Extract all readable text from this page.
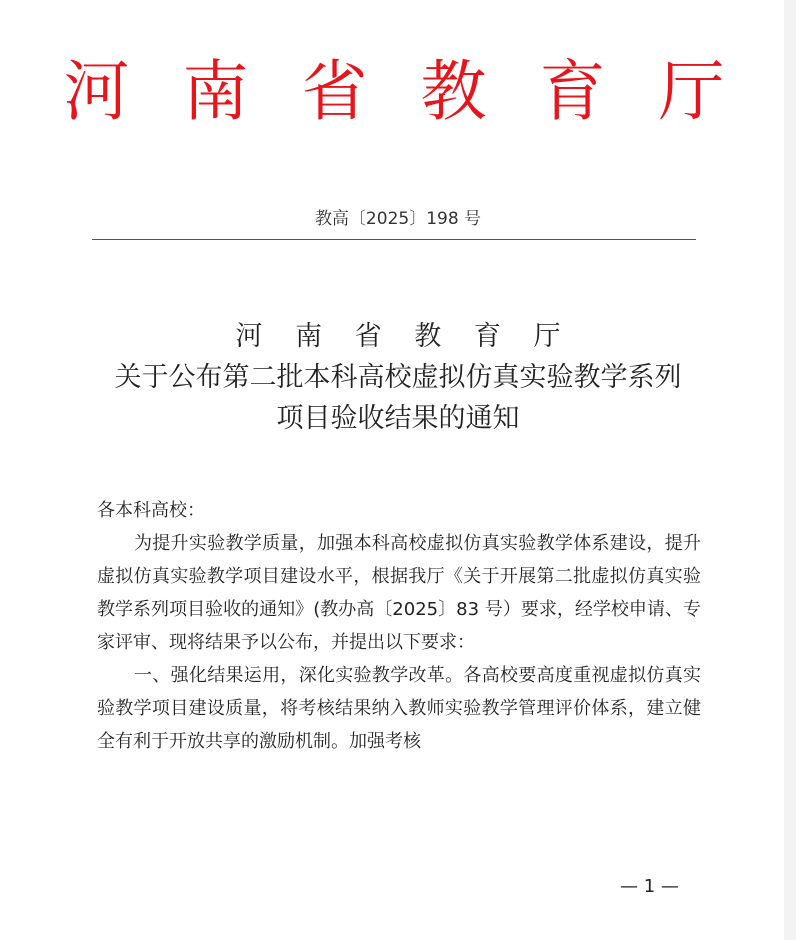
河 南 省 教 育 厅
教高〔2025〕198 号
河 南 省 教 育 厅
关于公布第二批本科高校虚拟仿真实验教学系列
项目验收结果的通知

各本科高校：

为提升实验教学质量，加强本科高校虚拟仿真实验教学体系建设，提升虚拟仿真实验教学项目建设水平，根据我厅《关于开展第二批虚拟仿真实验教学系列项目验收的通知》(教办高〔2025〕83 号）要求，经学校申请、专家评审、现将结果予以公布，并提出以下要求：

一、强化结果运用，深化实验教学改革。各高校要高度重视虚拟仿真实验教学项目建设质量，将考核结果纳入教师实验教学管理评价体系，建立健全有利于开放共享的激励机制。加强考核

— 1 —
